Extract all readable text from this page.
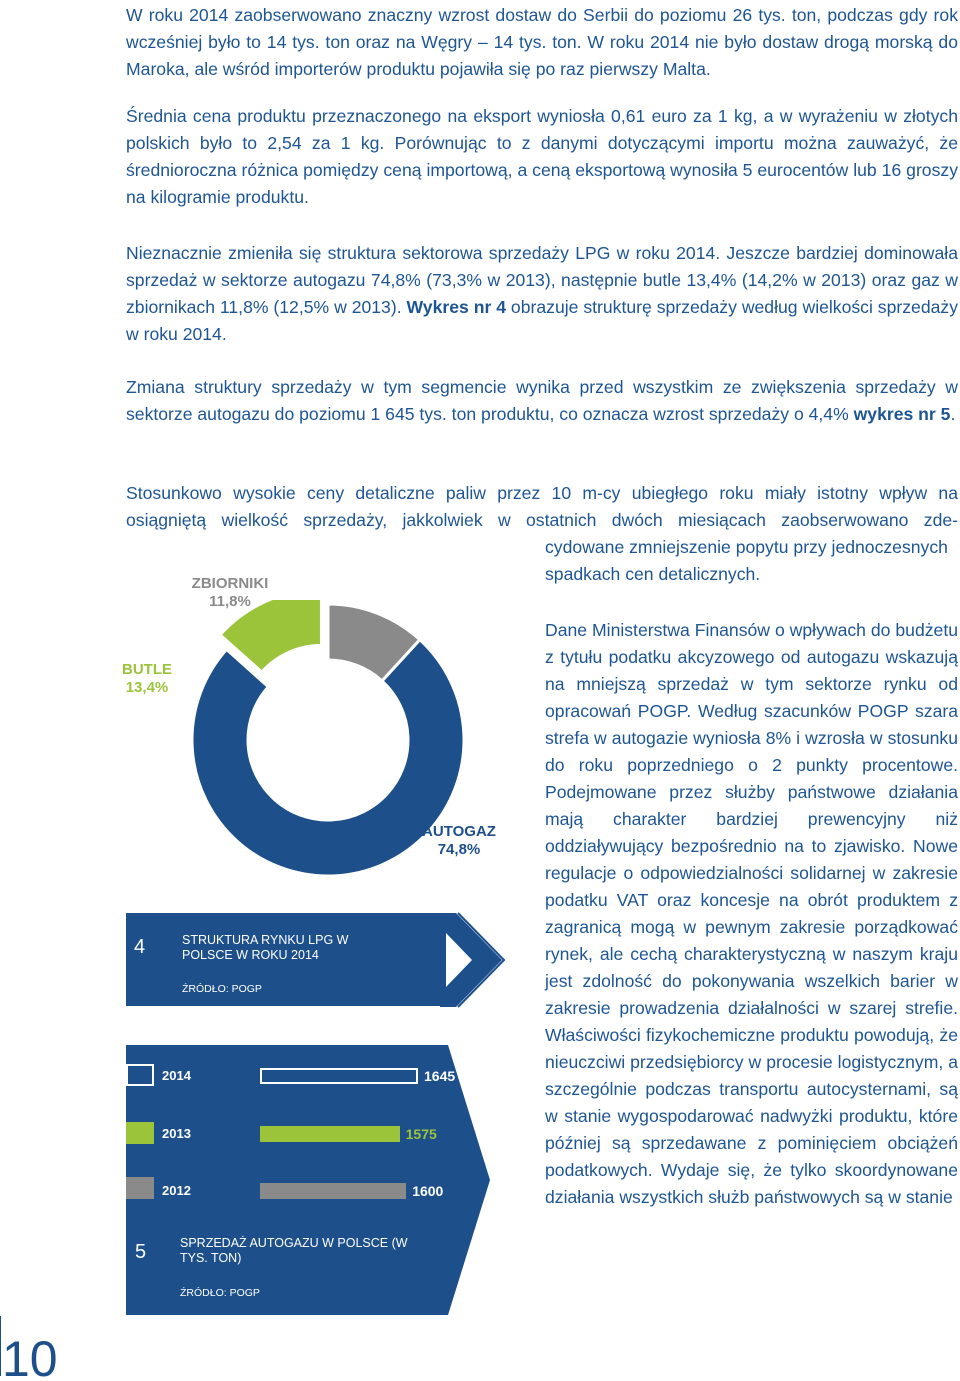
W roku 2014 zaobserwowano znaczny wzrost dostaw do Serbii do poziomu 26 tys. ton, podczas gdy rok wcześniej było to 14 tys. ton oraz na Węgry – 14 tys. ton. W roku 2014 nie było dostaw drogą morską do Maroka, ale wśród importerów produktu pojawiła się po raz pierwszy Malta.

Średnia cena produktu przeznaczonego na eksport wyniosła 0,61 euro za 1 kg, a w wyrażeniu w złotych polskich było to 2,54 za 1 kg. Porównując to z danymi dotyczącymi importu można zauważyć, że średnioroczna różnica pomiędzy ceną importową, a ceną eksportową wynosiła 5 eurocentów lub 16 groszy na kilogramie produktu.

Nieznacznie zmieniła się struktura sektorowa sprzedaży LPG w roku 2014. Jeszcze bardziej dominowała sprzedaż w sektorze autogazu 74,8% (73,3% w 2013), następnie butle 13,4% (14,2% w 2013) oraz gaz w zbiornikach 11,8% (12,5% w 2013). Wykres nr 4 obrazuje strukturę sprzedaży według wielkości sprzedaży w roku 2014.

Zmiana struktury sprzedaży w tym segmencie wynika przed wszystkim ze zwiększenia sprzedaży w sektorze autogazu do poziomu 1 645 tys. ton produktu, co oznacza wzrost sprzedaży o 4,4% wykres nr 5.

Stosunkowo wysokie ceny detaliczne paliw przez 10 m-cy ubiegłego roku miały istotny wpływ na osiągniętą wielkość sprzedaży, jakkolwiek w ostatnich dwóch miesiącach zaobserwowano zde-

cydowane zmniejszenie popytu przy jednoczesnych spadkach cen detalicznych.

Dane Ministerstwa Finansów o wpływach do budżetu z tytułu podatku akcyzowego od autogazu wskazują na mniejszą sprzedaż w tym sektorze rynku od opracowań POGP. Według szacunków POGP szara strefa w autogazie wyniosła 8% i wzrosła w stosunku do roku poprzedniego o 2 punkty procentowe. Podejmowane przez służby państwowe działania mają charakter bardziej prewencyjny niż oddziaływujący bezpośrednio na to zjawisko. Nowe regulacje o odpowiedzialności solidarnej w zakresie podatku VAT oraz koncesje na obrót produktem z zagranicą mogą w pewnym zakresie porządkować rynek, ale cechą charakterystyczną w naszym kraju jest zdolność do pokonywania wszelkich barier w zakresie prowadzenia działalności w szarej strefie. Właściwości fizykochemiczne produktu powodują, że nieuczciwi przedsiębiorcy w procesie logistycznym, a szczególnie podczas transportu autocysternami, są w stanie wygospodarować nadwyżki produktu, które później są sprzedawane z pominięciem obciążeń podatkowych. Wydaje się, że tylko skoordynowane działania wszystkich służb państwowych są w stanie

ZBIORNIKI
11,8%
BUTLE
13,4%
AUTOGAZ
74,8%
4	STRUKTURA RYNKU LPG W POLSCE W ROKU 2014
ŹRÓDŁO: POGP
2014	1645
2013	1575
2012	1600
5	SPRZEDAŻ AUTOGAZU W POLSCE (W TYS. TON)
ŹRÓDŁO: POGP
10
